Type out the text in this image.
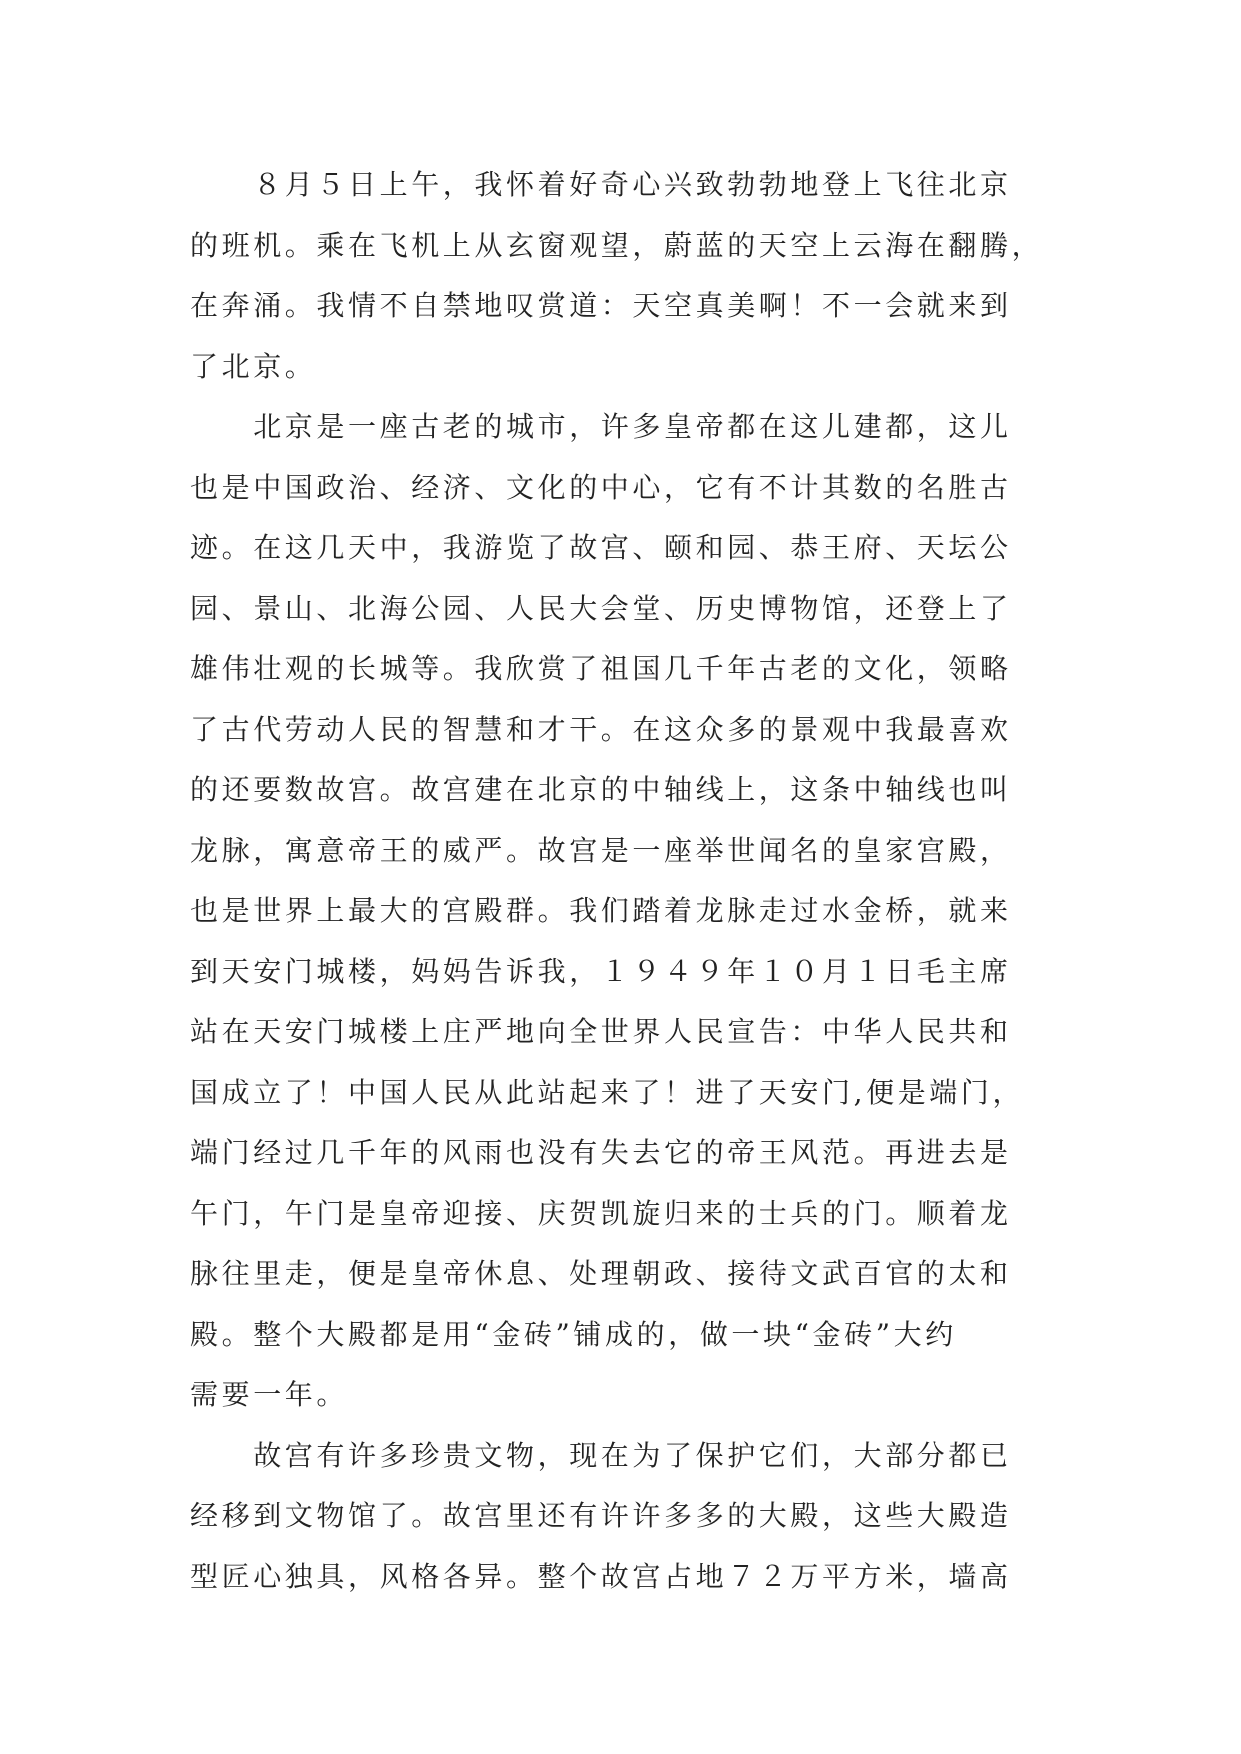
　　８月５日上午，我怀着好奇心兴致勃勃地登上飞往北京
的班机。乘在飞机上从玄窗观望，蔚蓝的天空上云海在翻腾，
在奔涌。我情不自禁地叹赏道：天空真美啊！不一会就来到
了北京。
　　北京是一座古老的城市，许多皇帝都在这儿建都，这儿
也是中国政治、经济、文化的中心，它有不计其数的名胜古
迹。在这几天中，我游览了故宫、颐和园、恭王府、天坛公
园、景山、北海公园、人民大会堂、历史博物馆，还登上了
雄伟壮观的长城等。我欣赏了祖国几千年古老的文化，领略
了古代劳动人民的智慧和才干。在这众多的景观中我最喜欢
的还要数故宫。故宫建在北京的中轴线上，这条中轴线也叫
龙脉，寓意帝王的威严。故宫是一座举世闻名的皇家宫殿，
也是世界上最大的宫殿群。我们踏着龙脉走过水金桥，就来
到天安门城楼，妈妈告诉我，１９４９年１０月１日毛主席
站在天安门城楼上庄严地向全世界人民宣告：中华人民共和
国成立了！中国人民从此站起来了！进了天安门,便是端门，
端门经过几千年的风雨也没有失去它的帝王风范。再进去是
午门，午门是皇帝迎接、庆贺凯旋归来的士兵的门。顺着龙
脉往里走，便是皇帝休息、处理朝政、接待文武百官的太和
殿。整个大殿都是用“金砖”铺成的，做一块“金砖”大约
需要一年。
　　故宫有许多珍贵文物，现在为了保护它们，大部分都已
经移到文物馆了。故宫里还有许许多多的大殿，这些大殿造
型匠心独具，风格各异。整个故宫占地７２万平方米，墙高
